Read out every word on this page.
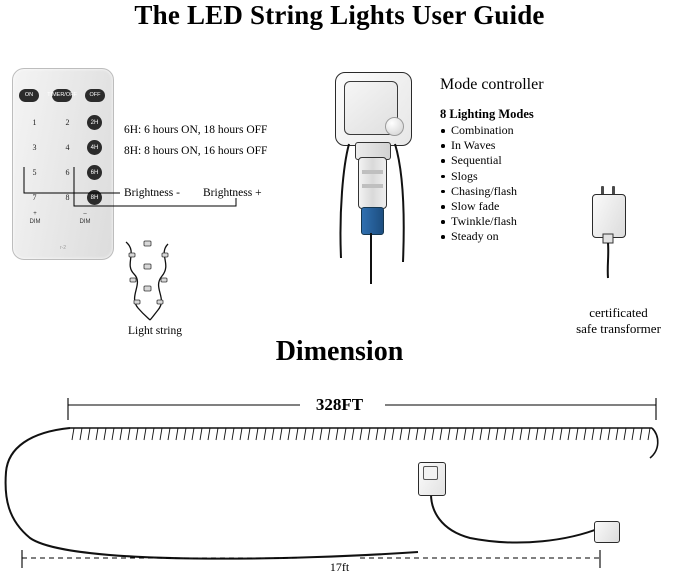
The LED String Lights User Guide
ON	TIMER/OFF	OFF
1	2
3	4
5	6
7	8
2H
4H
6H
8H
+
DIM
–
DIM
r-2
6H: 6 hours ON, 18 hours OFF
8H: 8 hours ON, 16 hours OFF
Brightness - Brightness +
Light string
Mode controller
8 Lighting Modes
Combination
In Waves
Sequential
Slogs
Chasing/flash
Slow fade
Twinkle/flash
Steady on
certificated
safe transformer
Dimension
328FT
17ft
